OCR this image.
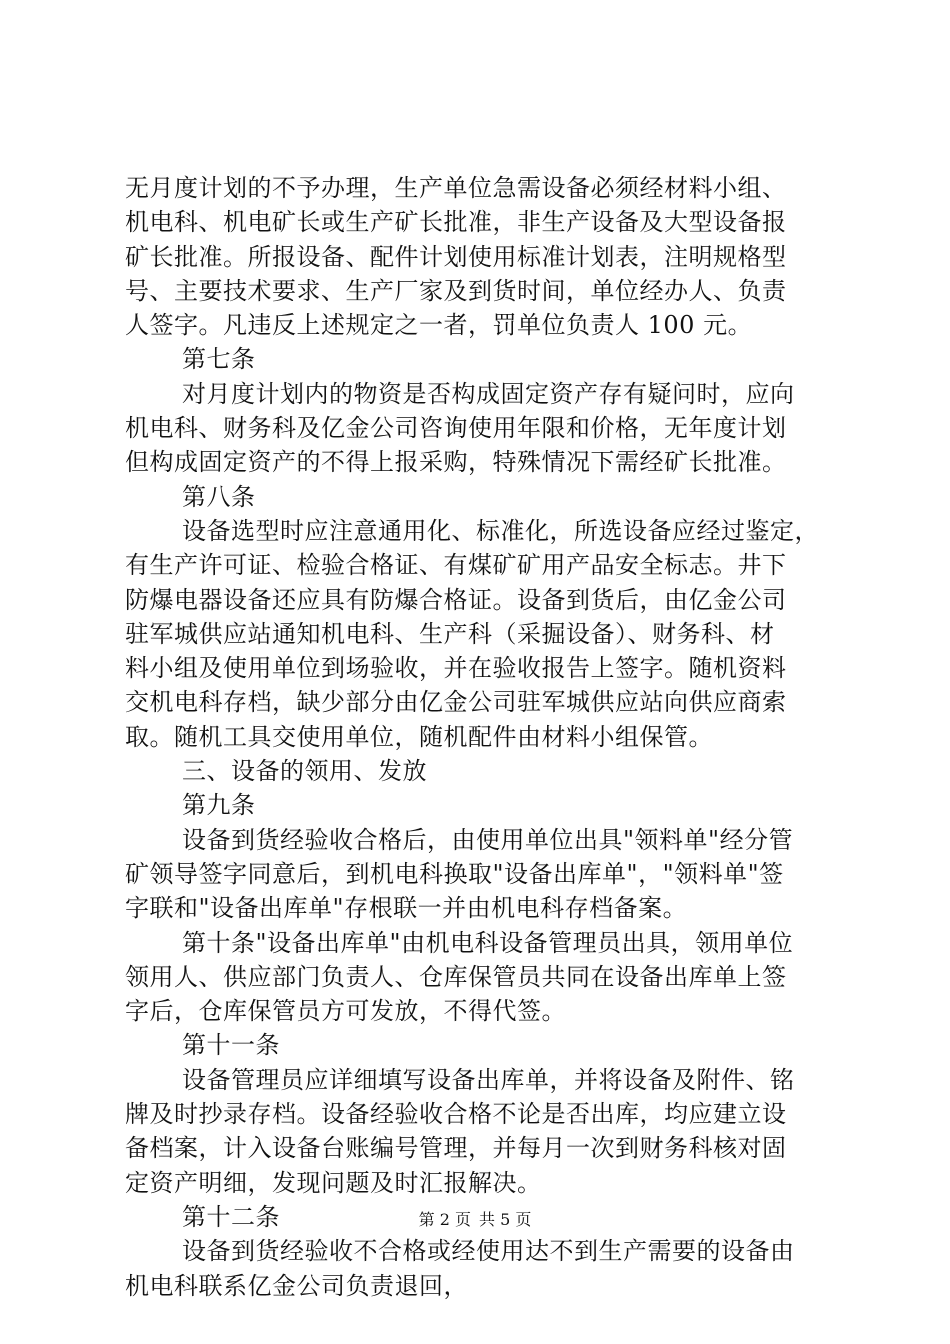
无月度计划的不予办理，生产单位急需设备必须经材料小组、
机电科、机电矿长或生产矿长批准，非生产设备及大型设备报
矿长批准。所报设备、配件计划使用标准计划表，注明规格型
号、主要技术要求、生产厂家及到货时间，单位经办人、负责
人签字。凡违反上述规定之一者，罚单位负责人 100 元。
第七条
对月度计划内的物资是否构成固定资产存有疑问时，应向
机电科、财务科及亿金公司咨询使用年限和价格，无年度计划
但构成固定资产的不得上报采购，特殊情况下需经矿长批准。
第八条
设备选型时应注意通用化、标准化，所选设备应经过鉴定，
有生产许可证、检验合格证、有煤矿矿用产品安全标志。井下
防爆电器设备还应具有防爆合格证。设备到货后，由亿金公司
驻军城供应站通知机电科、生产科（采掘设备）、财务科、材
料小组及使用单位到场验收，并在验收报告上签字。随机资料
交机电科存档，缺少部分由亿金公司驻军城供应站向供应商索
取。随机工具交使用单位，随机配件由材料小组保管。
三、设备的领用、发放
第九条
设备到货经验收合格后，由使用单位出具"领料单"经分管
矿领导签字同意后，到机电科换取"设备出库单"，"领料单"签
字联和"设备出库单"存根联一并由机电科存档备案。
第十条"设备出库单"由机电科设备管理员出具，领用单位
领用人、供应部门负责人、仓库保管员共同在设备出库单上签
字后，仓库保管员方可发放，不得代签。
第十一条
设备管理员应详细填写设备出库单，并将设备及附件、铭
牌及时抄录存档。设备经验收合格不论是否出库，均应建立设
备档案，计入设备台账编号管理，并每月一次到财务科核对固
定资产明细，发现问题及时汇报解决。
第十二条
设备到货经验收不合格或经使用达不到生产需要的设备由
机电科联系亿金公司负责退回，
第 2 页 共 5 页
